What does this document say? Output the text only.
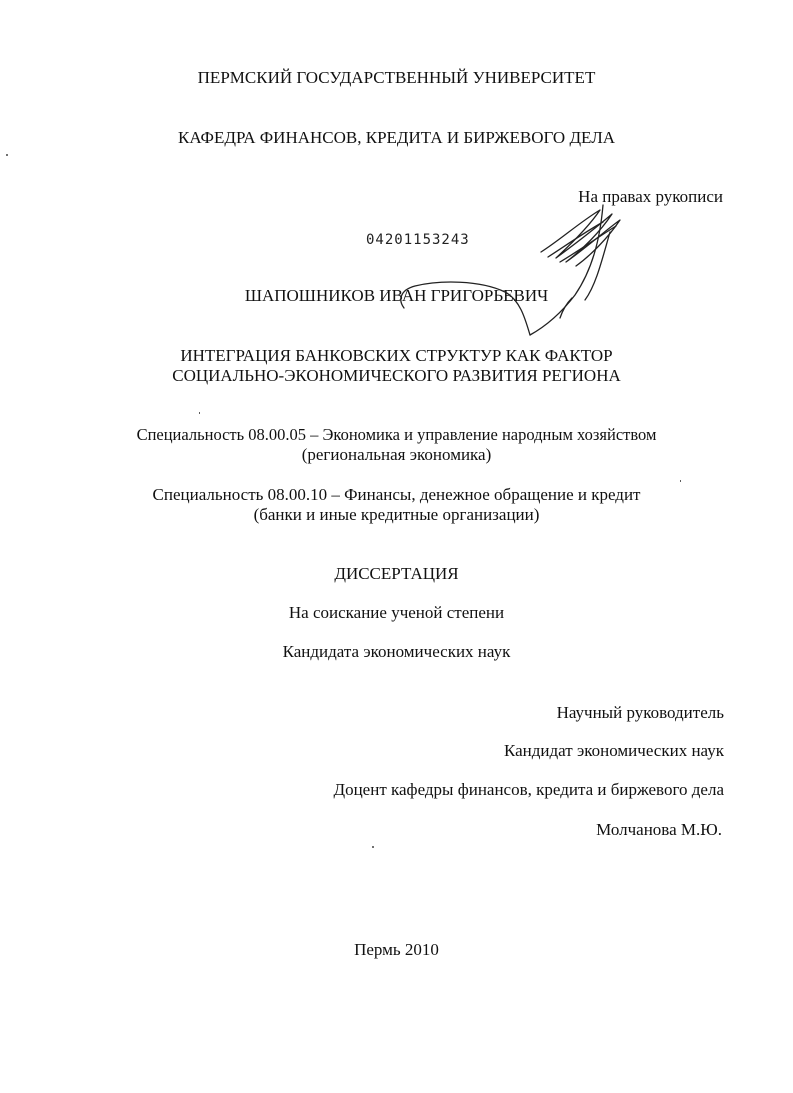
ПЕРМСКИЙ ГОСУДАРСТВЕННЫЙ УНИВЕРСИТЕТ
КАФЕДРА ФИНАНСОВ, КРЕДИТА И БИРЖЕВОГО ДЕЛА
На правах рукописи
04201153243
ШАПОШНИКОВ ИВАН ГРИГОРЬЕВИЧ
ИНТЕГРАЦИЯ БАНКОВСКИХ СТРУКТУР КАК ФАКТОР
СОЦИАЛЬНО-ЭКОНОМИЧЕСКОГО РАЗВИТИЯ РЕГИОНА
Специальность 08.00.05 – Экономика и управление народным хозяйством
(региональная экономика)
Специальность 08.00.10 – Финансы, денежное обращение и кредит
(банки и иные кредитные организации)
ДИССЕРТАЦИЯ
На соискание ученой степени
Кандидата экономических наук
Научный руководитель
Кандидат экономических наук
Доцент кафедры финансов, кредита и биржевого дела
Молчанова М.Ю.
Пермь 2010
